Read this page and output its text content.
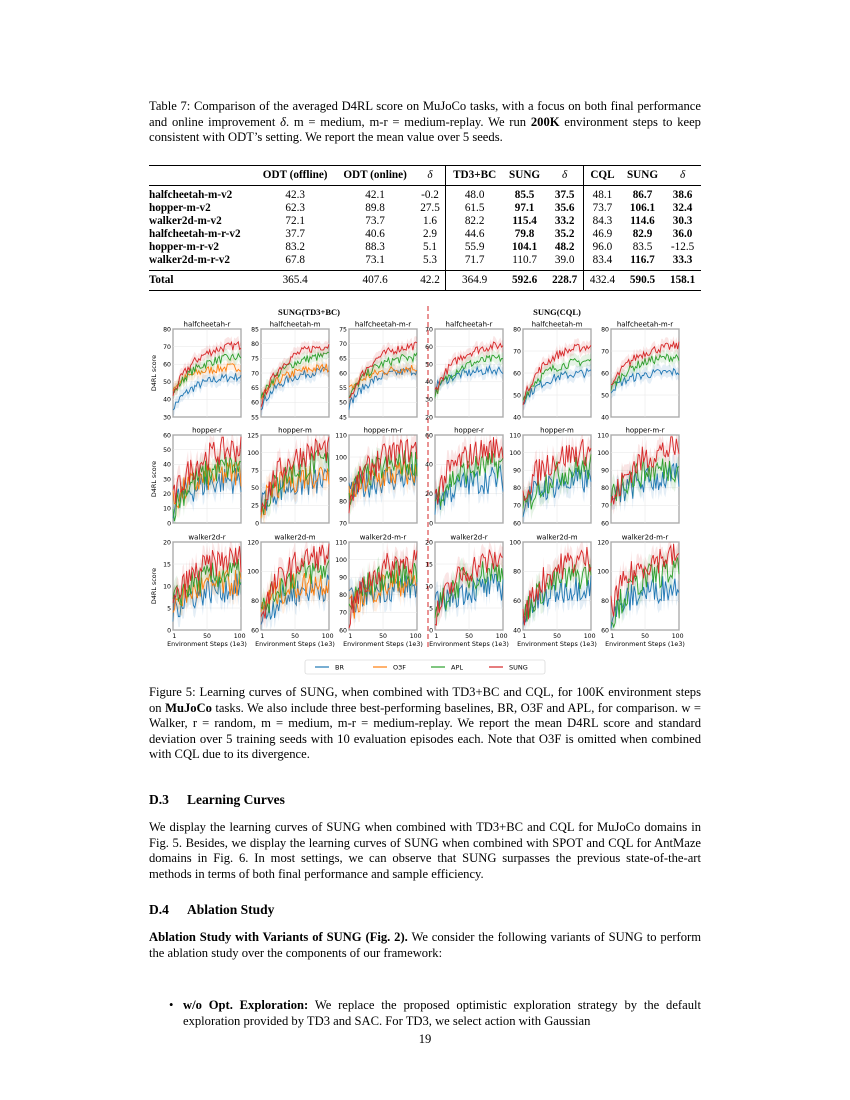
Table 7: Comparison of the averaged D4RL score on MuJoCo tasks, with a focus on both final performance and online improvement δ. m = medium, m-r = medium-replay. We run 200K environment steps to keep consistent with ODT’s setting. We report the mean value over 5 seeds.
	ODT (offline)	ODT (online)	δ	TD3+BC	SUNG	δ	CQL	SUNG	δ
halfcheetah-m-v2	42.3	42.1	-0.2	48.0	85.5	37.5	48.1	86.7	38.6
hopper-m-v2	62.3	89.8	27.5	61.5	97.1	35.6	73.7	106.1	32.4
walker2d-m-v2	72.1	73.7	1.6	82.2	115.4	33.2	84.3	114.6	30.3
halfcheetah-m-r-v2	37.7	40.6	2.9	44.6	79.8	35.2	46.9	82.9	36.0
hopper-m-r-v2	83.2	88.3	5.1	55.9	104.1	48.2	96.0	83.5	-12.5
walker2d-m-r-v2	67.8	73.1	5.3	71.7	110.7	39.0	83.4	116.7	33.3
Total	365.4	407.6	42.2	364.9	592.6	228.7	432.4	590.5	158.1
SUNG(TD3+BC)	SUNG(CQL)
halfcheetah-r
30
40
50
60
70
80
D4RL score
halfcheetah-m
55
60
65
70
75
80
85
halfcheetah-m-r
45
50
55
60
65
70
75
halfcheetah-r
20
30
40
50
60
70
halfcheetah-m
40
50
60
70
80
halfcheetah-m-r
40
50
60
70
80
hopper-r
0
10
20
30
40
50
60
D4RL score
hopper-m
0
25
50
75
100
125
hopper-m-r
70
80
90
100
110
hopper-r
0
20
40
60
hopper-m
60
70
80
90
100
110
hopper-m-r
60
70
80
90
100
110
walker2d-r
0
5
10
15
20
1	50	100
Environment Steps (1e3)
D4RL score
walker2d-m
60
80
100
120
1	50	100
Environment Steps (1e3)
walker2d-m-r
60
70
80
90
100
110
1	50	100
Environment Steps (1e3)
walker2d-r
0
5
10
15
20
1	50	100
Environment Steps (1e3)
walker2d-m
40
60
80
100
1	50	100
Environment Steps (1e3)
walker2d-m-r
60
80
100
120
1	50	100
Environment Steps (1e3)
BR	O3F	APL	SUNG
Figure 5: Learning curves of SUNG, when combined with TD3+BC and CQL, for 100K environment steps on MuJoCo tasks. We also include three best-performing baselines, BR, O3F and APL, for comparison. w = Walker, r = random, m = medium, m-r = medium-replay. We report the mean D4RL score and standard deviation over 5 training seeds with 10 evaluation episodes each. Note that O3F is omitted when combined with CQL due to its divergence.
D.3 Learning Curves
We display the learning curves of SUNG when combined with TD3+BC and CQL for MuJoCo domains in Fig. 5. Besides, we display the learning curves of SUNG when combined with SPOT and CQL for AntMaze domains in Fig. 6. In most settings, we can observe that SUNG surpasses the previous state-of-the-art methods in terms of both final performance and sample efficiency.
D.4 Ablation Study
Ablation Study with Variants of SUNG (Fig. 2). We consider the following variants of SUNG to perform the ablation study over the components of our framework:
• w/o Opt. Exploration: We replace the proposed optimistic exploration strategy by the default exploration provided by TD3 and SAC. For TD3, we select action with Gaussian
19
